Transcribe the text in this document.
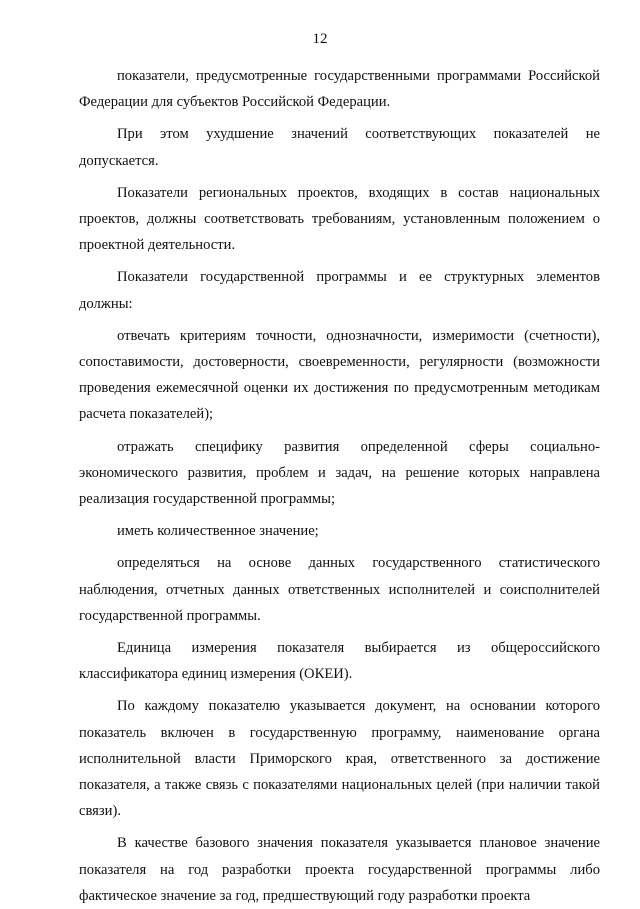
12

показатели, предусмотренные государственными программами Российской Федерации для субъектов Российской Федерации.

При этом ухудшение значений соответствующих показателей не допускается.

Показатели региональных проектов, входящих в состав национальных проектов, должны соответствовать требованиям, установленным положением о проектной деятельности.

Показатели государственной программы и ее структурных элементов должны:

отвечать критериям точности, однозначности, измеримости (счетности), сопоставимости, достоверности, своевременности, регулярности (возможности проведения ежемесячной оценки их достижения по предусмотренным методикам расчета показателей);

отражать специфику развития определенной сферы социально-экономического развития, проблем и задач, на решение которых направлена реализация государственной программы;

иметь количественное значение;

определяться на основе данных государственного статистического наблюдения, отчетных данных ответственных исполнителей и соисполнителей государственной программы.

Единица измерения показателя выбирается из общероссийского классификатора единиц измерения (ОКЕИ).

По каждому показателю указывается документ, на основании которого показатель включен в государственную программу, наименование органа исполнительной власти Приморского края, ответственного за достижение показателя, а также связь с показателями национальных целей (при наличии такой связи).

В качестве базового значения показателя указывается плановое значение показателя на год разработки проекта государственной программы либо фактическое значение за год, предшествующий году разработки проекта
